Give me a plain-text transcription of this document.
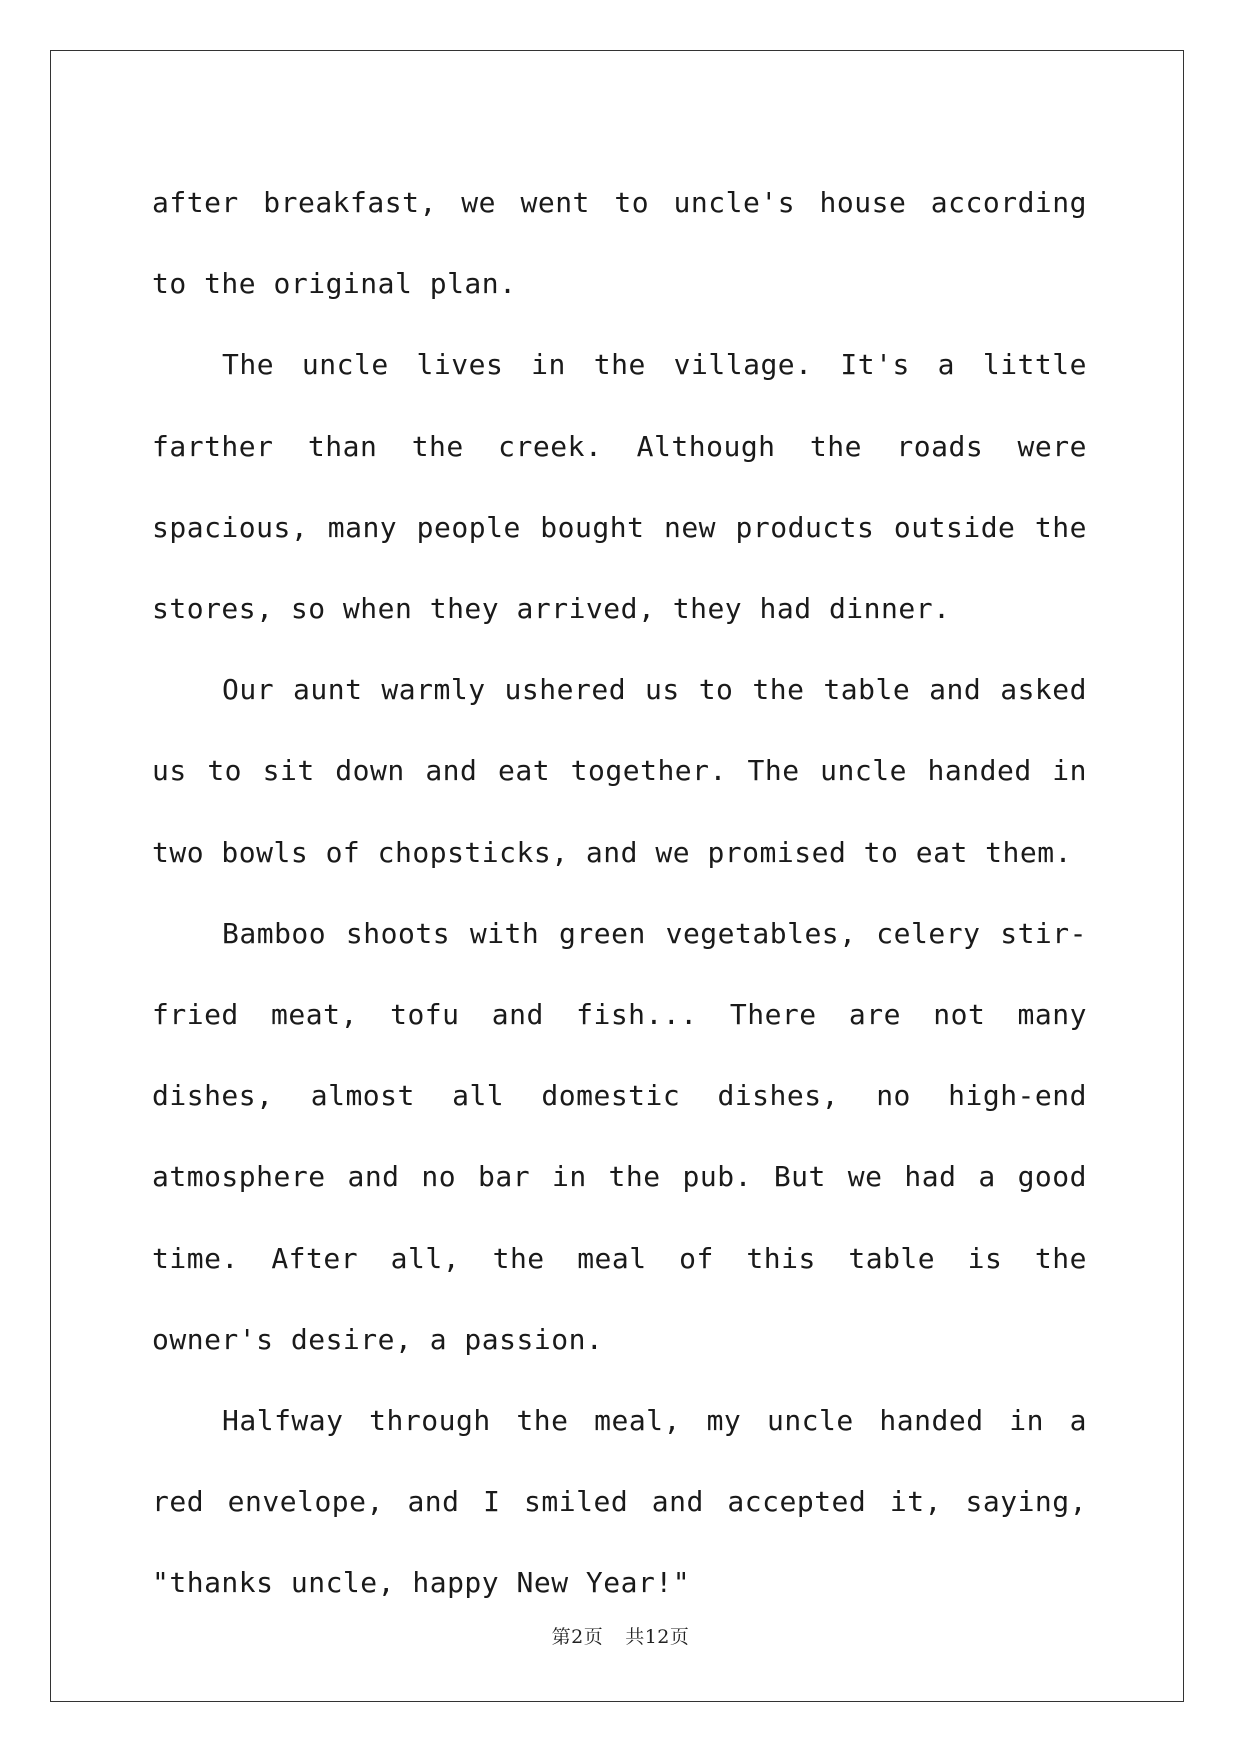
after breakfast, we went to uncle's house according to the original plan.

The uncle lives in the village. It's a little farther than the creek. Although the roads were spacious, many people bought new products outside the stores, so when they arrived, they had dinner.

Our aunt warmly ushered us to the table and asked us to sit down and eat together. The uncle handed in two bowls of chopsticks, and we promised to eat them.

Bamboo shoots with green vegetables, celery stir-fried meat, tofu and fish... There are not many dishes, almost all domestic dishes, no high-end atmosphere and no bar in the pub. But we had a good time. After all, the meal of this table is the owner's desire, a passion.

Halfway through the meal, my uncle handed in a red envelope, and I smiled and accepted it, saying, "thanks uncle, happy New Year!"

第2页 共12页
